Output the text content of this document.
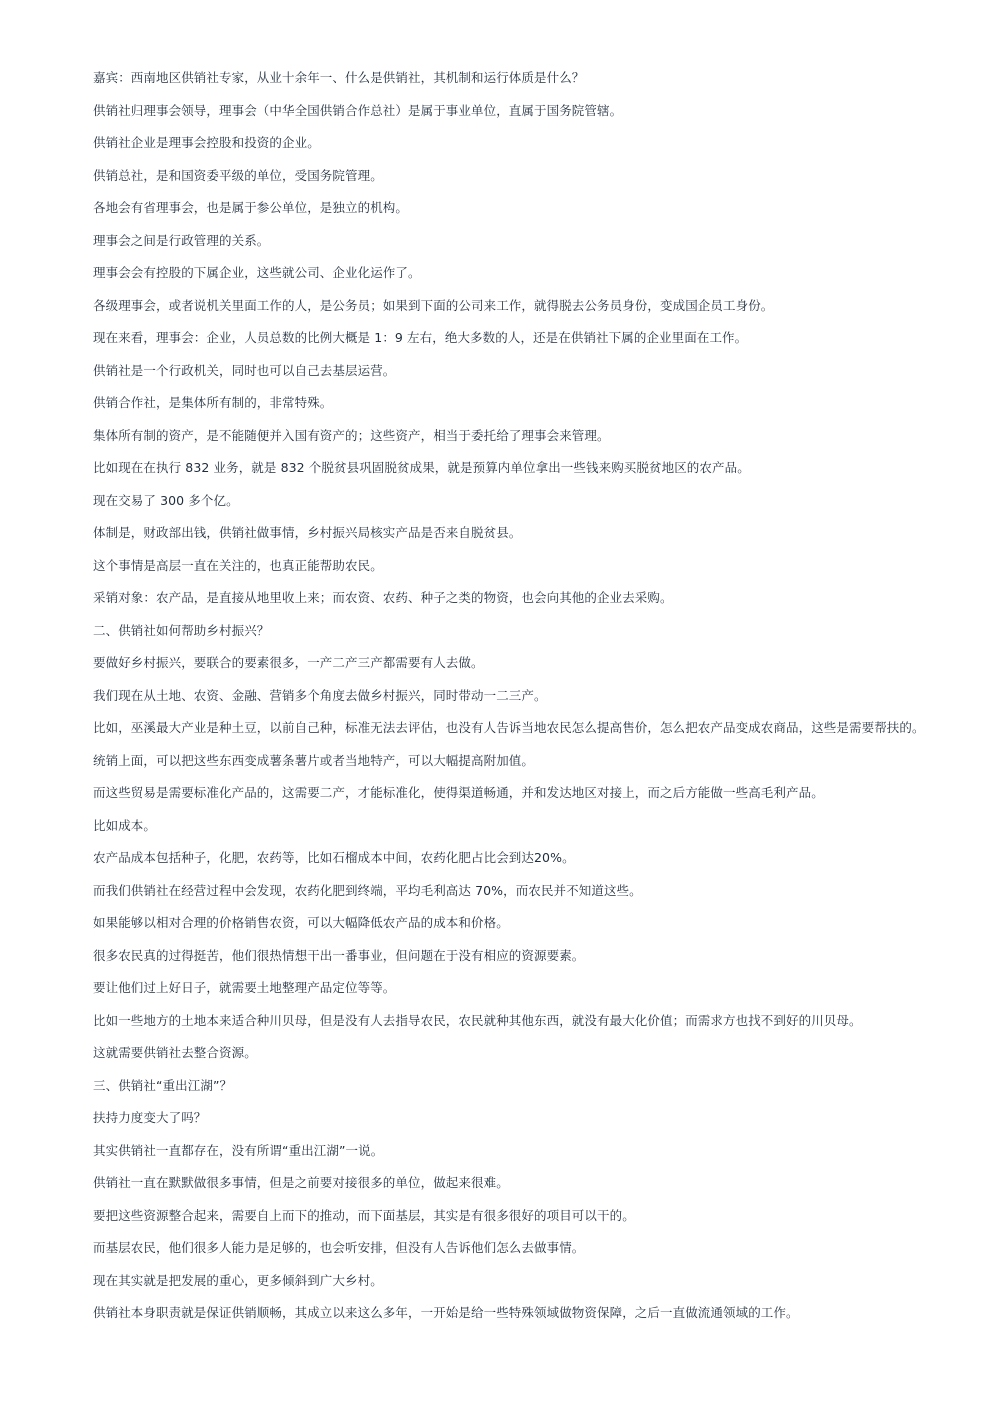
嘉宾：西南地区供销社专家，从业十余年一、什么是供销社，其机制和运行体质是什么？

供销社归理事会领导，理事会（中华全国供销合作总社）是属于事业单位，直属于国务院管辖。

供销社企业是理事会控股和投资的企业。

供销总社，是和国资委平级的单位，受国务院管理。

各地会有省理事会，也是属于参公单位，是独立的机构。

理事会之间是行政管理的关系。

理事会会有控股的下属企业，这些就公司、企业化运作了。

各级理事会，或者说机关里面工作的人，是公务员；如果到下面的公司来工作，就得脱去公务员身份，变成国企员工身份。

现在来看，理事会：企业，人员总数的比例大概是 1：9 左右，绝大多数的人，还是在供销社下属的企业里面在工作。

供销社是一个行政机关，同时也可以自己去基层运营。

供销合作社，是集体所有制的，非常特殊。

集体所有制的资产，是不能随便并入国有资产的；这些资产，相当于委托给了理事会来管理。

比如现在在执行 832 业务，就是 832 个脱贫县巩固脱贫成果，就是预算内单位拿出一些钱来购买脱贫地区的农产品。

现在交易了 300 多个亿。

体制是，财政部出钱，供销社做事情，乡村振兴局核实产品是否来自脱贫县。

这个事情是高层一直在关注的，也真正能帮助农民。

采销对象：农产品，是直接从地里收上来；而农资、农药、种子之类的物资，也会向其他的企业去采购。

二、供销社如何帮助乡村振兴？

要做好乡村振兴，要联合的要素很多，一产二产三产都需要有人去做。

我们现在从土地、农资、金融、营销多个角度去做乡村振兴，同时带动一二三产。

比如，巫溪最大产业是种土豆，以前自己种，标准无法去评估，也没有人告诉当地农民怎么提高售价，怎么把农产品变成农商品，这些是需要帮扶的。

统销上面，可以把这些东西变成薯条薯片或者当地特产，可以大幅提高附加值。

而这些贸易是需要标准化产品的，这需要二产，才能标准化，使得渠道畅通，并和发达地区对接上，而之后方能做一些高毛利产品。

比如成本。

农产品成本包括种子，化肥，农药等，比如石榴成本中间，农药化肥占比会到达20%。

而我们供销社在经营过程中会发现，农药化肥到终端，平均毛利高达 70%，而农民并不知道这些。

如果能够以相对合理的价格销售农资，可以大幅降低农产品的成本和价格。

很多农民真的过得挺苦，他们很热情想干出一番事业，但问题在于没有相应的资源要素。

要让他们过上好日子，就需要土地整理产品定位等等。

比如一些地方的土地本来适合种川贝母，但是没有人去指导农民，农民就种其他东西，就没有最大化价值；而需求方也找不到好的川贝母。

这就需要供销社去整合资源。

三、供销社“重出江湖”？

扶持力度变大了吗？

其实供销社一直都存在，没有所谓“重出江湖”一说。

供销社一直在默默做很多事情，但是之前要对接很多的单位，做起来很难。

要把这些资源整合起来，需要自上而下的推动，而下面基层，其实是有很多很好的项目可以干的。

而基层农民，他们很多人能力是足够的，也会听安排，但没有人告诉他们怎么去做事情。

现在其实就是把发展的重心，更多倾斜到广大乡村。

供销社本身职责就是保证供销顺畅，其成立以来这么多年，一开始是给一些特殊领域做物资保障，之后一直做流通领域的工作。
